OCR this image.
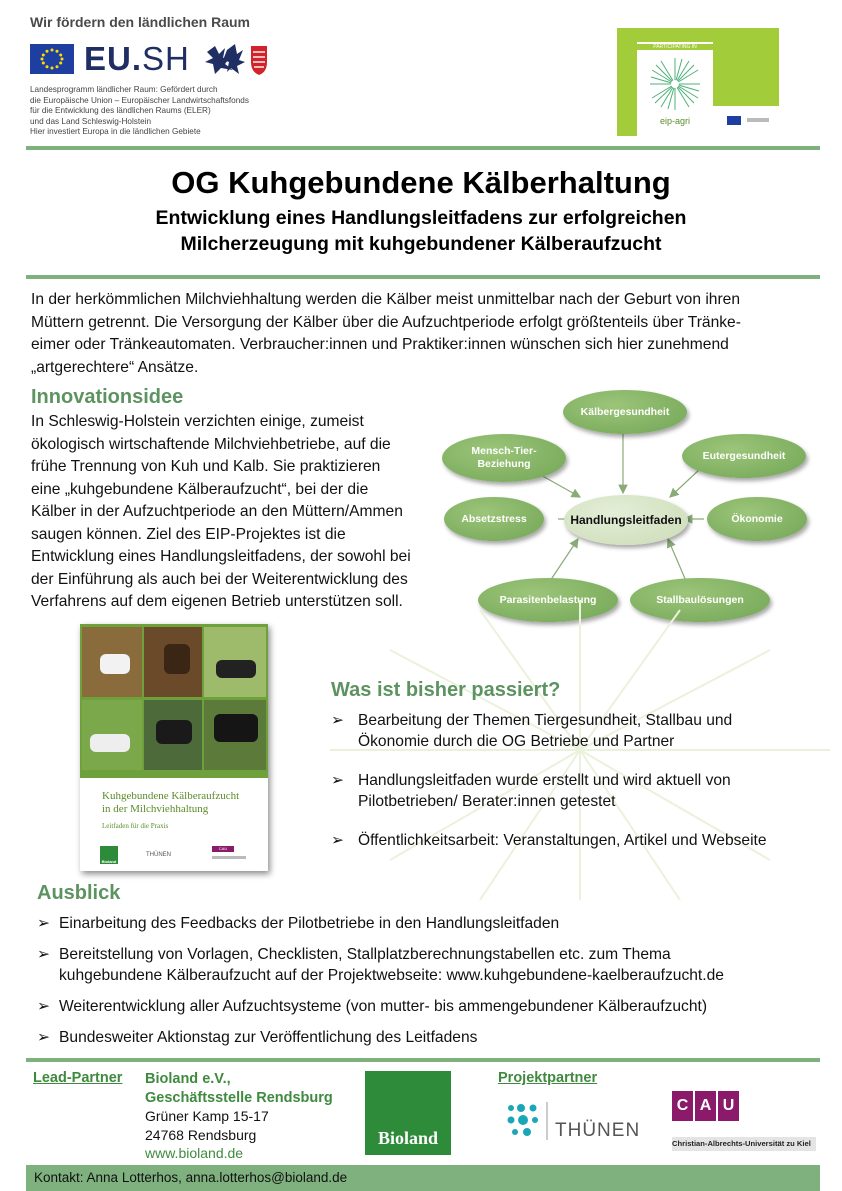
Wir fördern den ländlichen Raum
EU.SH
Landesprogramm ländlicher Raum: Gefördert durch
die Europäische Union – Europäischer Landwirtschaftsfonds
für die Entwicklung des ländlichen Raums (ELER)
und das Land Schleswig-Holstein
Hier investiert Europa in die ländlichen Gebiete
PARTICIPATING IN
eip-agri
OG Kuhgebundene Kälberhaltung
Entwicklung eines Handlungsleitfadens zur erfolgreichen
Milcherzeugung mit kuhgebundener Kälberaufzucht
In der herkömmlichen Milchviehhaltung werden die Kälber meist unmittelbar nach der Geburt von ihren
Müttern getrennt. Die Versorgung der Kälber über die Aufzuchtperiode erfolgt größtenteils über Tränke-
eimer oder Tränkeautomaten. Verbraucher:innen und Praktiker:innen wünschen sich hier zunehmend
„artgerechtere“ Ansätze.
Innovationsidee
In Schleswig-Holstein verzichten einige, zumeist
ökologisch wirtschaftende Milchviehbetriebe, auf die
frühe Trennung von Kuh und Kalb. Sie praktizieren
eine „kuhgebundene Kälberaufzucht“, bei der die
Kälber in der Aufzuchtperiode an den Müttern/Ammen
saugen können. Ziel des EIP-Projektes ist die
Entwicklung eines Handlungsleitfadens, der sowohl bei
der Einführung als auch bei der Weiterentwicklung des
Verfahrens auf dem eigenen Betrieb unterstützen soll.
Kälbergesundheit
Mensch-Tier-
Beziehung
Eutergesundheit
Absetzstress	Handlungsleitfaden	Ökonomie
Parasitenbelastung	Stallbaulösungen
Kuhgebundene Kälberaufzucht
in der Milchviehhaltung
Leitfaden für die Praxis
Bioland
THÜNEN
CAU
Was ist bisher passiert?
➢ Bearbeitung der Themen Tiergesundheit, Stallbau und
Ökonomie durch die OG Betriebe und Partner
➢ Handlungsleitfaden wurde erstellt und wird aktuell von
Pilotbetrieben/ Berater:innen getestet
➢ Öffentlichkeitsarbeit: Veranstaltungen, Artikel und Webseite
Ausblick
➢ Einarbeitung des Feedbacks der Pilotbetriebe in den Handlungsleitfaden
➢ Bereitstellung von Vorlagen, Checklisten, Stallplatzberechnungstabellen etc. zum Thema
kuhgebundene Kälberaufzucht auf der Projektwebseite: www.kuhgebundene-kaelberaufzucht.de
➢ Weiterentwicklung aller Aufzuchtsysteme (von mutter- bis ammengebundener Kälberaufzucht)
➢ Bundesweiter Aktionstag zur Veröffentlichung des Leitfadens
Lead-Partner Bioland e.V.,
Geschäftsstelle Rendsburg
Grüner Kamp 15-17
24768 Rendsburg
www.bioland.de
Bioland
Projektpartner
THÜNEN
C A U
Christian-Albrechts-Universität zu Kiel
Kontakt: Anna Lotterhos, anna.lotterhos@bioland.de
